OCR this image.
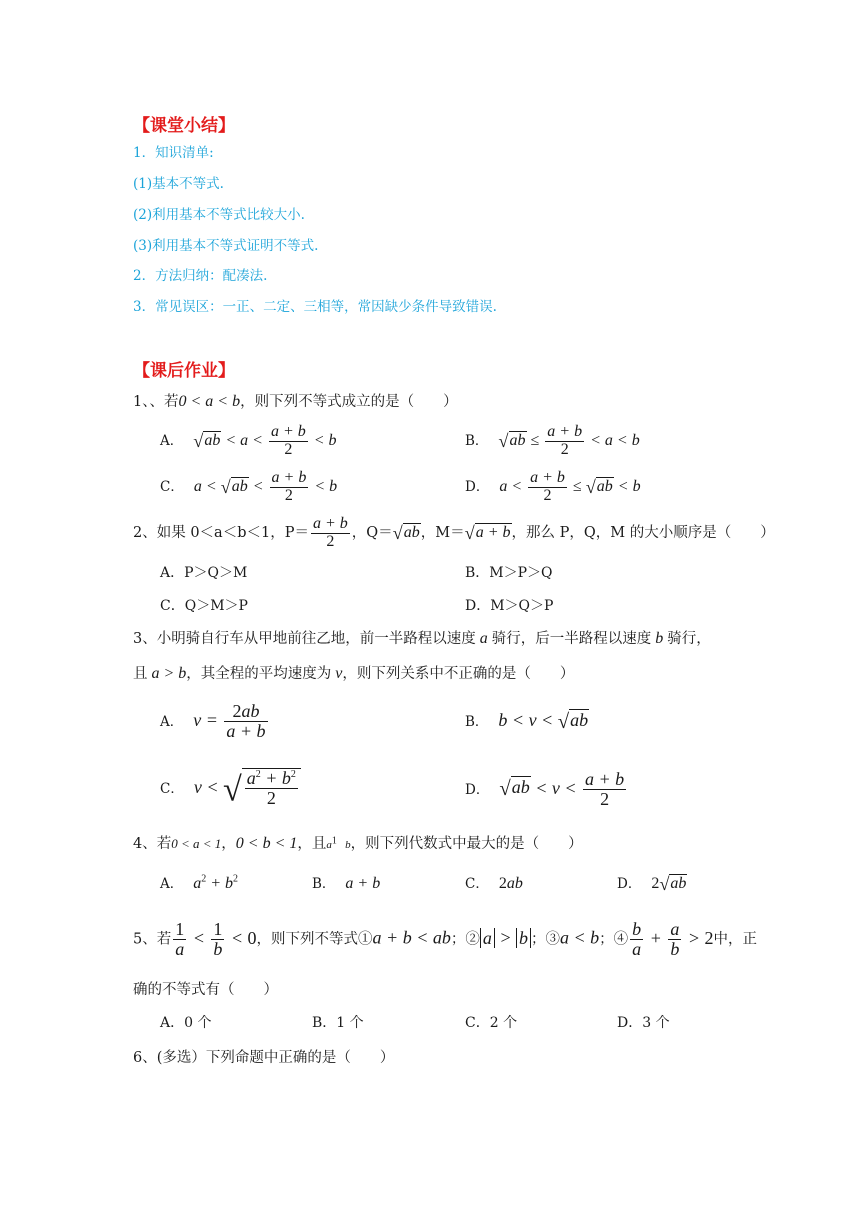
【课堂小结】
1．知识清单:
(1)基本不等式.
(2)利用基本不等式比较大小.
(3)利用基本不等式证明不等式.
2．方法归纳：配凑法.
3．常见误区：一正、二定、三相等，常因缺少条件导致错误.
【课后作业】
1、、若0 < a < b，则下列不等式成立的是（　　）
A． $√ab < a < \frac{a + b}{2} < b$	B． $√ab \le \frac{a + b}{2} < a < b$
C． $a < √ab < \frac{a + b}{2} < b$	D． $a < \frac{a + b}{2} \le √ab < b$
2、如果 0＜a＜b＜1，$P= \frac{a + b}{2}$ ，Q＝√ab，M＝√a + b，那么 P，Q，M 的大小顺序是（　　）
A．P＞Q＞M	B．M＞P＞Q
C．Q＞M＞P	D．M＞Q＞P
3、小明骑自行车从甲地前往乙地，前一半路程以速度 a 骑行，后一半路程以速度 b 骑行，
且 a > b，其全程的平均速度为 v，则下列关系中不正确的是（　　）
A． $v = \frac{2ab}{a + b}$	B． b < v < √ab
C． v < √ $\frac{a^2 + b^2}{2}$	D． $√ab < v < \frac{a + b}{2}$
4、若0 < a < 1，0 < b < 1，且a1   b，则下列代数式中最大的是（　　）
A． $a^2 + b^2$	B． a + b	C． 2ab	D． 2√ab
5、若 $\frac{1}{a} < \frac{1}{b} < 0$，则下列不等式①a + b < ab；② a > b ；③a < b；④ $\frac{b}{a} + \frac{a}{b} > 2$中，正
确的不等式有（　　）
A．0 个	B．1 个	C．2 个	D．3 个
6、(多选）下列命题中正确的是（　　）
